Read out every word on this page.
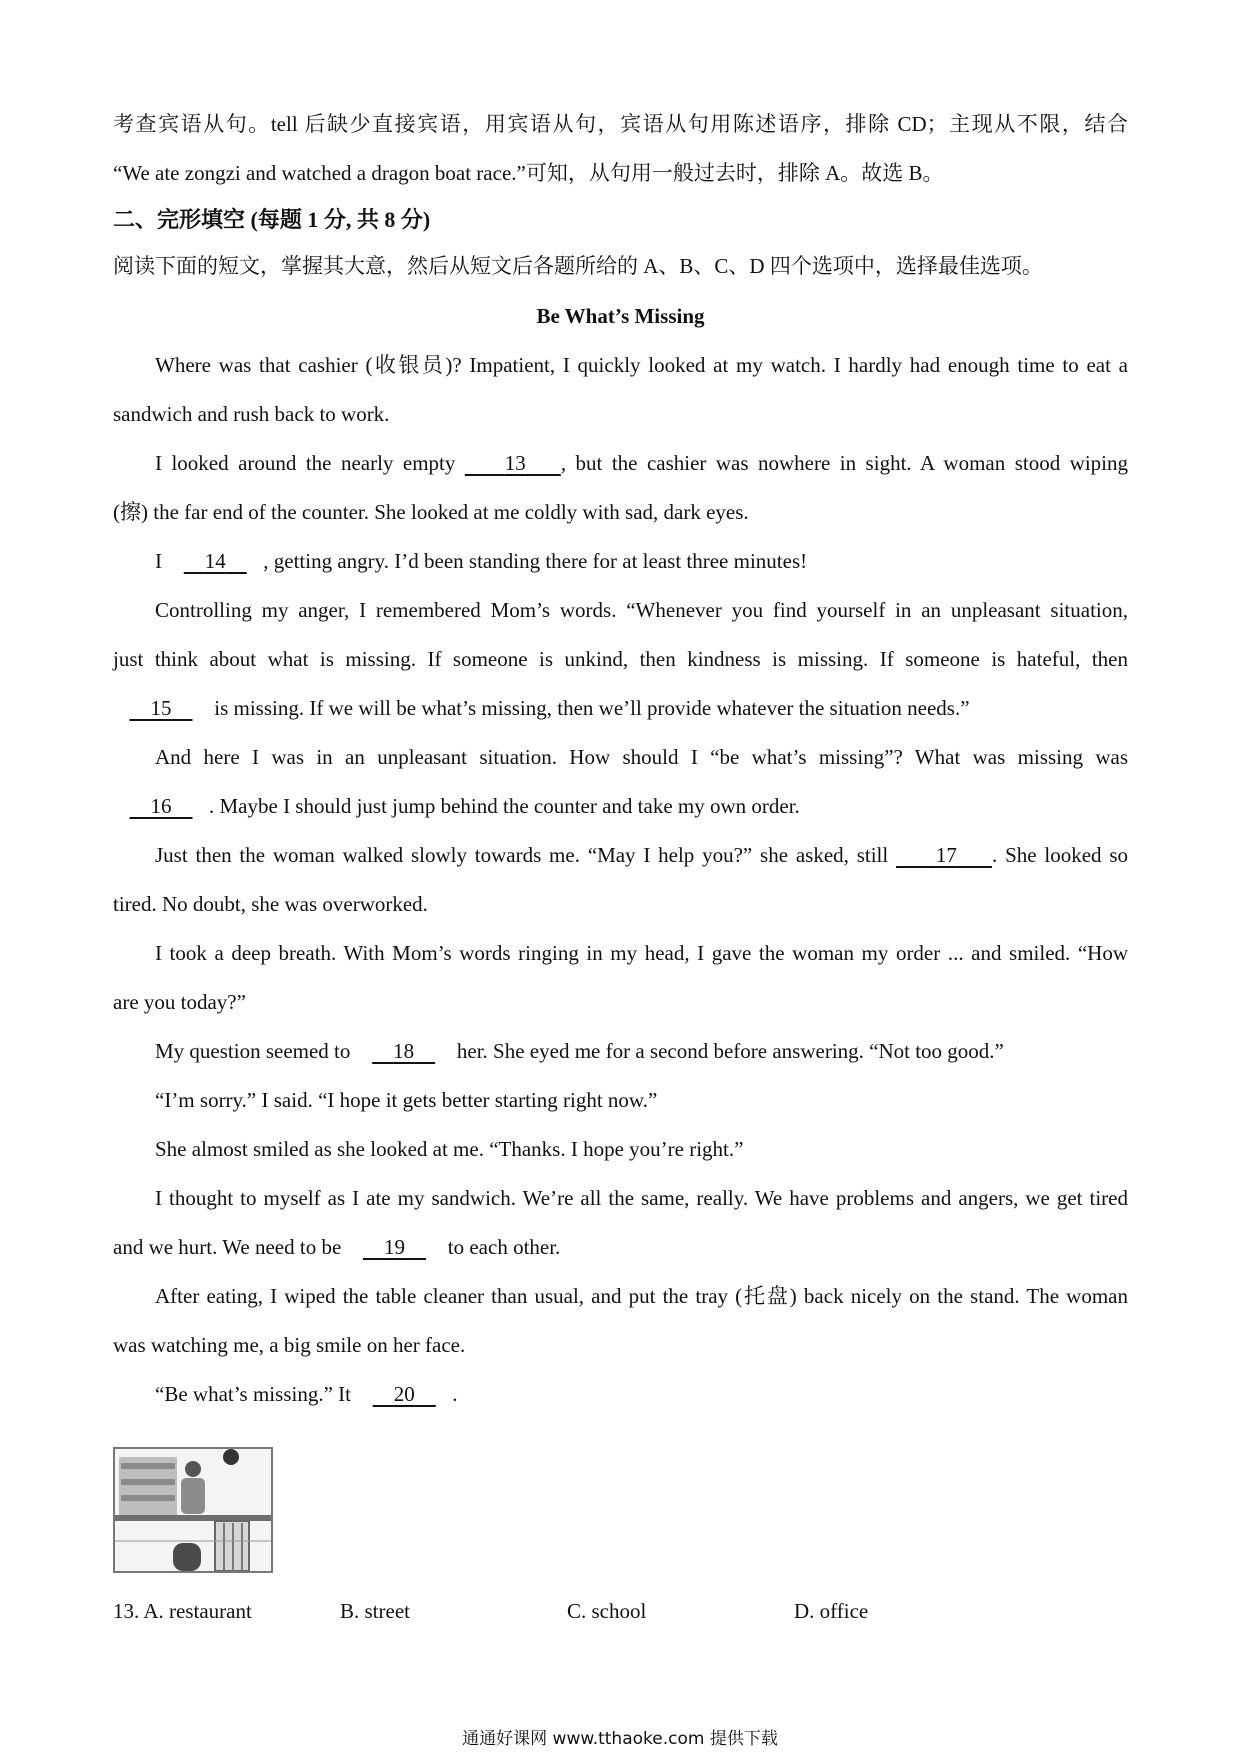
考查宾语从句。tell 后缺少直接宾语，用宾语从句，宾语从句用陈述语序，排除 CD；主现从不限，结合

“We ate zongzi and watched a dragon boat race.”可知，从句用一般过去时，排除 A。故选 B。

二、完形填空 (每题 1 分, 共 8 分)

阅读下面的短文，掌握其大意，然后从短文后各题所给的 A、B、C、D 四个选项中，选择最佳选项。

Be What’s Missing

Where was that cashier (收银员)? Impatient, I quickly looked at my watch. I hardly had enough time to eat a

sandwich and rush back to work.

I looked around the nearly empty 13 , but the cashier was nowhere in sight. A woman stood wiping

(擦) the far end of the counter. She looked at me coldly with sad, dark eyes.

I 14 , getting angry. I’d been standing there for at least three minutes!

Controlling my anger, I remembered Mom’s words. “Whenever you find yourself in an unpleasant situation,

just think about what is missing. If someone is unkind, then kindness is missing. If someone is hateful, then

15 is missing. If we will be what’s missing, then we’ll provide whatever the situation needs.”

And here I was in an unpleasant situation. How should I “be what’s missing”? What was missing was

16 . Maybe I should just jump behind the counter and take my own order.

Just then the woman walked slowly towards me. “May I help you?” she asked, still 17 . She looked so

tired. No doubt, she was overworked.

I took a deep breath. With Mom’s words ringing in my head, I gave the woman my order ... and smiled. “How

are you today?”

My question seemed to 18 her. She eyed me for a second before answering. “Not too good.”

“I’m sorry.” I said. “I hope it gets better starting right now.”

She almost smiled as she looked at me. “Thanks. I hope you’re right.”

I thought to myself as I ate my sandwich. We’re all the same, really. We have problems and angers, we get tired

and we hurt. We need to be 19 to each other.

After eating, I wiped the table cleaner than usual, and put the tray (托盘) back nicely on the stand. The woman

was watching me, a big smile on her face.

“Be what’s missing.” It 20 .

13. A. restaurant	B. street	C. school	D. office
通通好课网 www.tthaoke.com 提供下载
